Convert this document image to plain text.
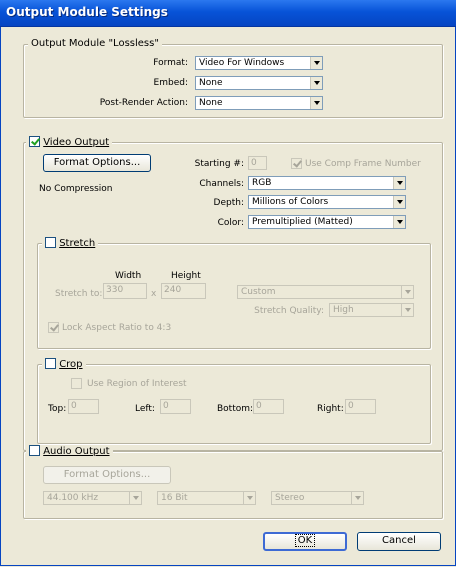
Output Module Settings
Output Module "Lossless"
Format:	Video For Windows
Embed:	None
Post-Render Action:	None
Video Output
Format Options...
No Compression
Starting #: 0	Use Comp Frame Number
Channels: RGB
Depth: Millions of Colors
Color: Premultiplied (Matted)
Stretch
Width	Height
Stretch to: 330	x 240	Custom
Stretch Quality:	High
Lock Aspect Ratio to 4:3
Crop
Use Region of Interest
Top: 0	Left: 0	Bottom: 0	Right: 0
Audio Output
Format Options...
44.100 kHz	16 Bit	Stereo
OK	Cancel
